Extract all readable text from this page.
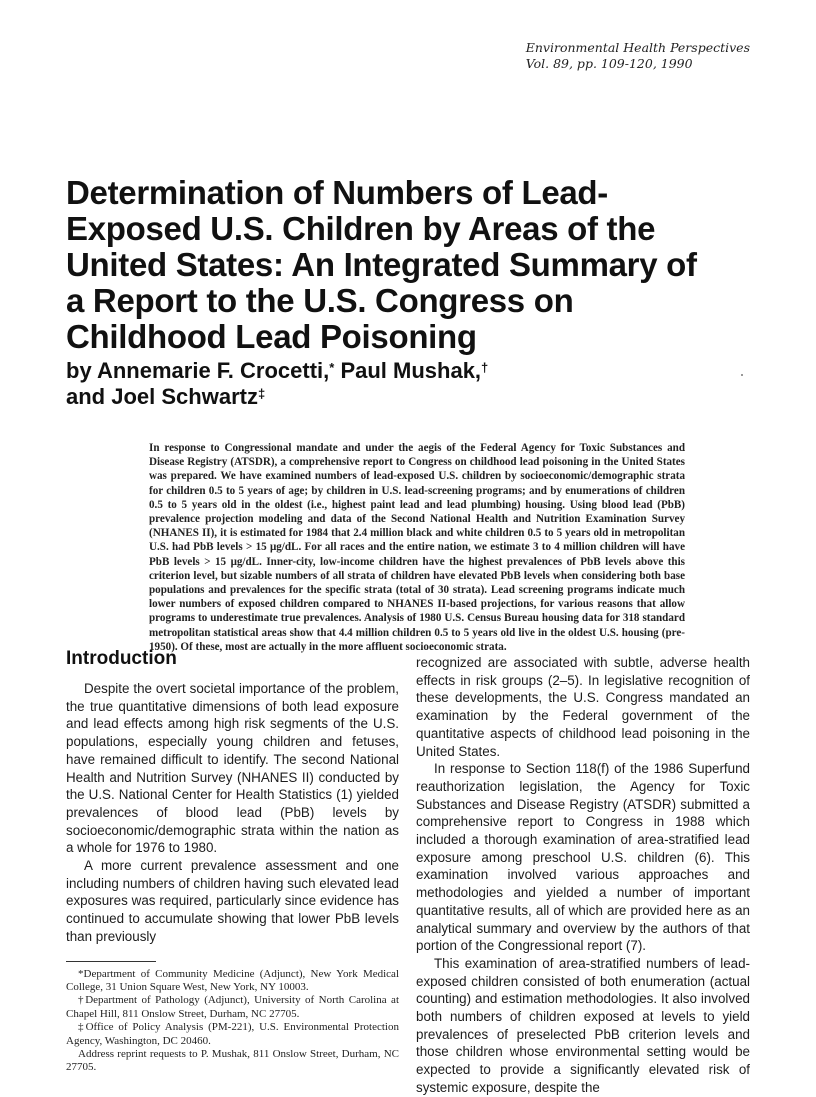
Environmental Health Perspectives
Vol. 89, pp. 109-120, 1990
Determination of Numbers of Lead-Exposed U.S. Children by Areas of the United States: An Integrated Summary of a Report to the U.S. Congress on Childhood Lead Poisoning
by Annemarie F. Crocetti,* Paul Mushak,†
and Joel Schwartz‡

In response to Congressional mandate and under the aegis of the Federal Agency for Toxic Substances and Disease Registry (ATSDR), a comprehensive report to Congress on childhood lead poisoning in the United States was prepared. We have examined numbers of lead-exposed U.S. children by socioeconomic/demographic strata for children 0.5 to 5 years of age; by children in U.S. lead-screening programs; and by enumerations of children 0.5 to 5 years old in the oldest (i.e., highest paint lead and lead plumbing) housing. Using blood lead (PbB) prevalence projection modeling and data of the Second National Health and Nutrition Examination Survey (NHANES II), it is estimated for 1984 that 2.4 million black and white children 0.5 to 5 years old in metropolitan U.S. had PbB levels > 15 μg/dL. For all races and the entire nation, we estimate 3 to 4 million children will have PbB levels > 15 μg/dL. Inner-city, low-income children have the highest prevalences of PbB levels above this criterion level, but sizable numbers of all strata of children have elevated PbB levels when considering both base populations and prevalences for the specific strata (total of 30 strata). Lead screening programs indicate much lower numbers of exposed children compared to NHANES II-based projections, for various reasons that allow programs to underestimate true prevalences. Analysis of 1980 U.S. Census Bureau housing data for 318 standard metropolitan statistical areas show that 4.4 million children 0.5 to 5 years old live in the oldest U.S. housing (pre-1950). Of these, most are actually in the more affluent socioeconomic strata.

Introduction

Despite the overt societal importance of the problem, the true quantitative dimensions of both lead exposure and lead effects among high risk segments of the U.S. populations, especially young children and fetuses, have remained difficult to identify. The second National Health and Nutrition Survey (NHANES II) conducted by the U.S. National Center for Health Statistics (1) yielded prevalences of blood lead (PbB) levels by socioeconomic/demographic strata within the nation as a whole for 1976 to 1980.

A more current prevalence assessment and one including numbers of children having such elevated lead exposures was required, particularly since evidence has continued to accumulate showing that lower PbB levels than previously

*Department of Community Medicine (Adjunct), New York Medical College, 31 Union Square West, New York, NY 10003.

†Department of Pathology (Adjunct), University of North Carolina at Chapel Hill, 811 Onslow Street, Durham, NC 27705.

‡Office of Policy Analysis (PM-221), U.S. Environmental Protection Agency, Washington, DC 20460.

Address reprint requests to P. Mushak, 811 Onslow Street, Durham, NC 27705.

recognized are associated with subtle, adverse health effects in risk groups (2–5). In legislative recognition of these developments, the U.S. Congress mandated an examination by the Federal government of the quantitative aspects of childhood lead poisoning in the United States.

In response to Section 118(f) of the 1986 Superfund reauthorization legislation, the Agency for Toxic Substances and Disease Registry (ATSDR) submitted a comprehensive report to Congress in 1988 which included a thorough examination of area-stratified lead exposure among preschool U.S. children (6). This examination involved various approaches and methodologies and yielded a number of important quantitative results, all of which are provided here as an analytical summary and overview by the authors of that portion of the Congressional report (7).

This examination of area-stratified numbers of lead-exposed children consisted of both enumeration (actual counting) and estimation methodologies. It also involved both numbers of children exposed at levels to yield prevalences of preselected PbB criterion levels and those children whose environmental setting would be expected to provide a significantly elevated risk of systemic exposure, despite the
